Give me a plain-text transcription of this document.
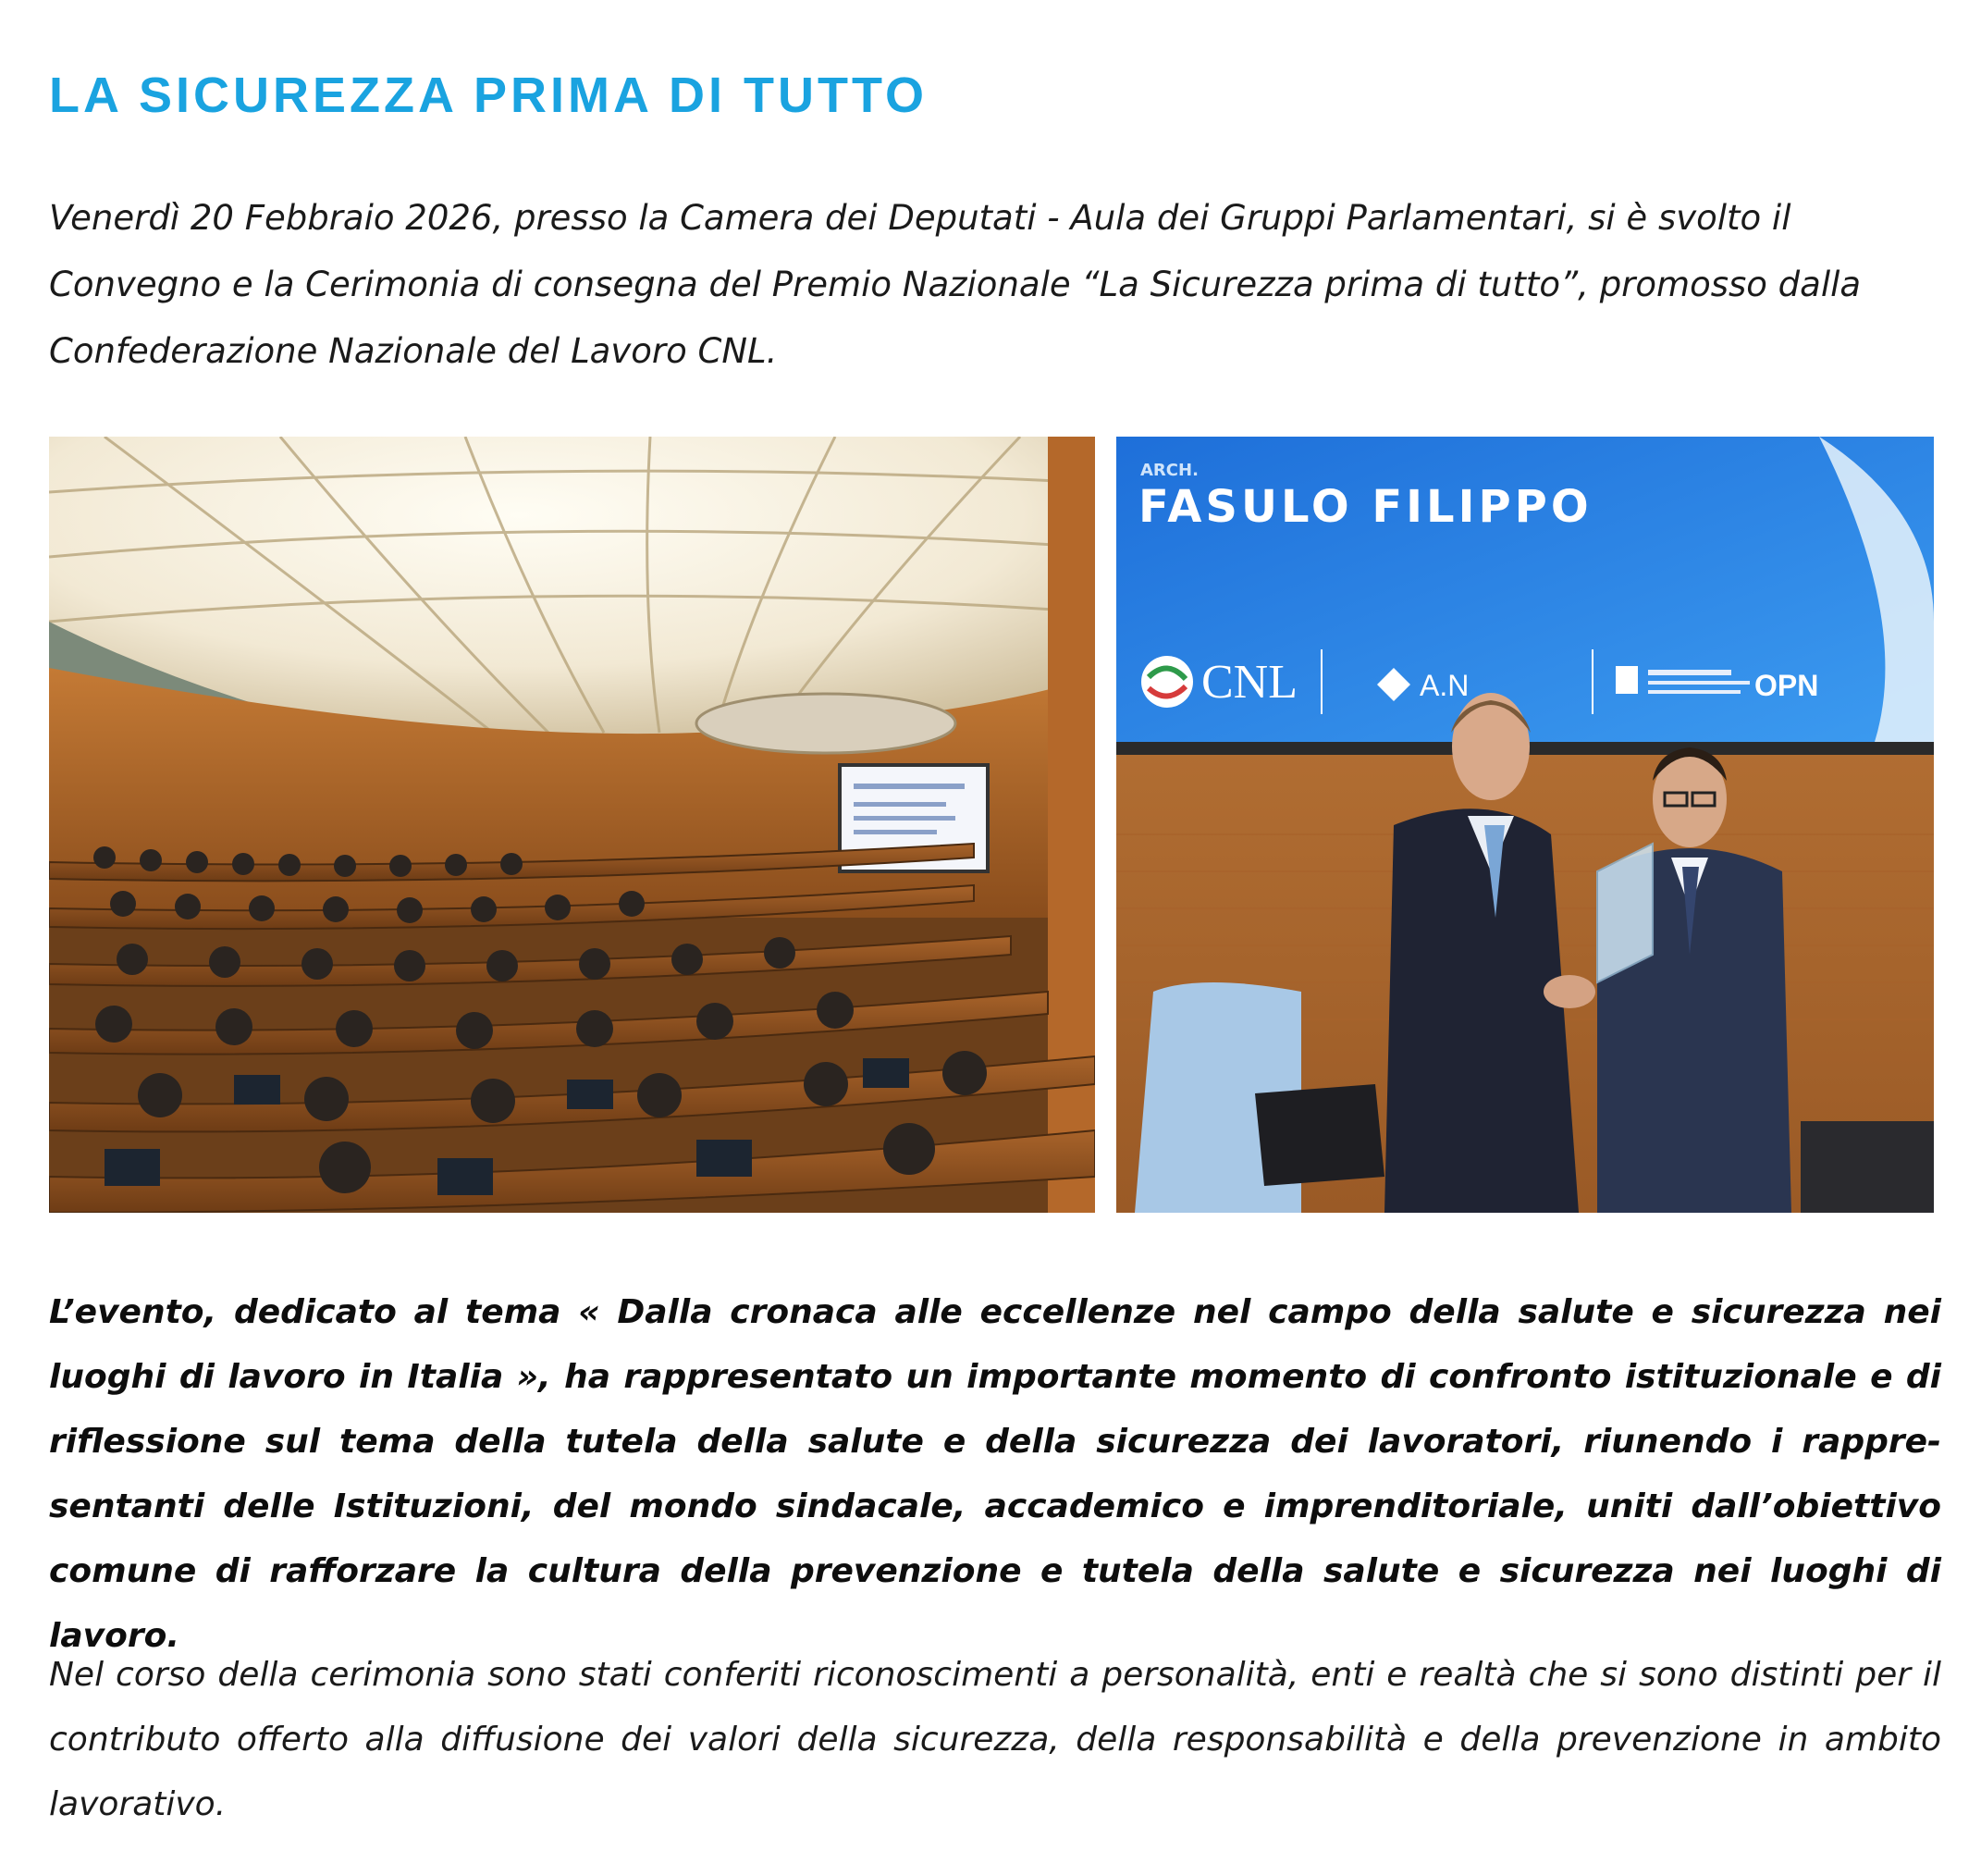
LA SICUREZZA PRIMA DI TUTTO

Venerdì 20 Febbraio 2026, presso la Camera dei Deputati - Aula dei Gruppi Parlamentari, si è svolto il Convegno e la Cerimonia di consegna del Premio Nazionale “La Sicurezza prima di tutto”, promosso dalla Confederazione Nazionale del Lavoro CNL.

ARCH.
FASULO FILIPPO
CNL	A.N	OPN

L’evento, dedicato al tema « Dalla cronaca alle eccellenze nel campo della salute e sicurezza nei luoghi di lavoro in Italia », ha rappresentato un importante momento di confronto istituzionale e di riflessione sul tema della tutela della salute e della sicurezza dei lavoratori, riunendo i rappre-sentanti delle Istituzioni, del mondo sindacale, accademico e imprenditoriale, uniti dall’obiettivo comune di rafforzare la cultura della prevenzione e tutela della salute e sicurezza nei luoghi di lavoro.

Nel corso della cerimonia sono stati conferiti riconoscimenti a personalità, enti e realtà che si sono distinti per il contributo offerto alla diffusione dei valori della sicurezza, della responsabilità e della prevenzione in ambito lavorativo.
